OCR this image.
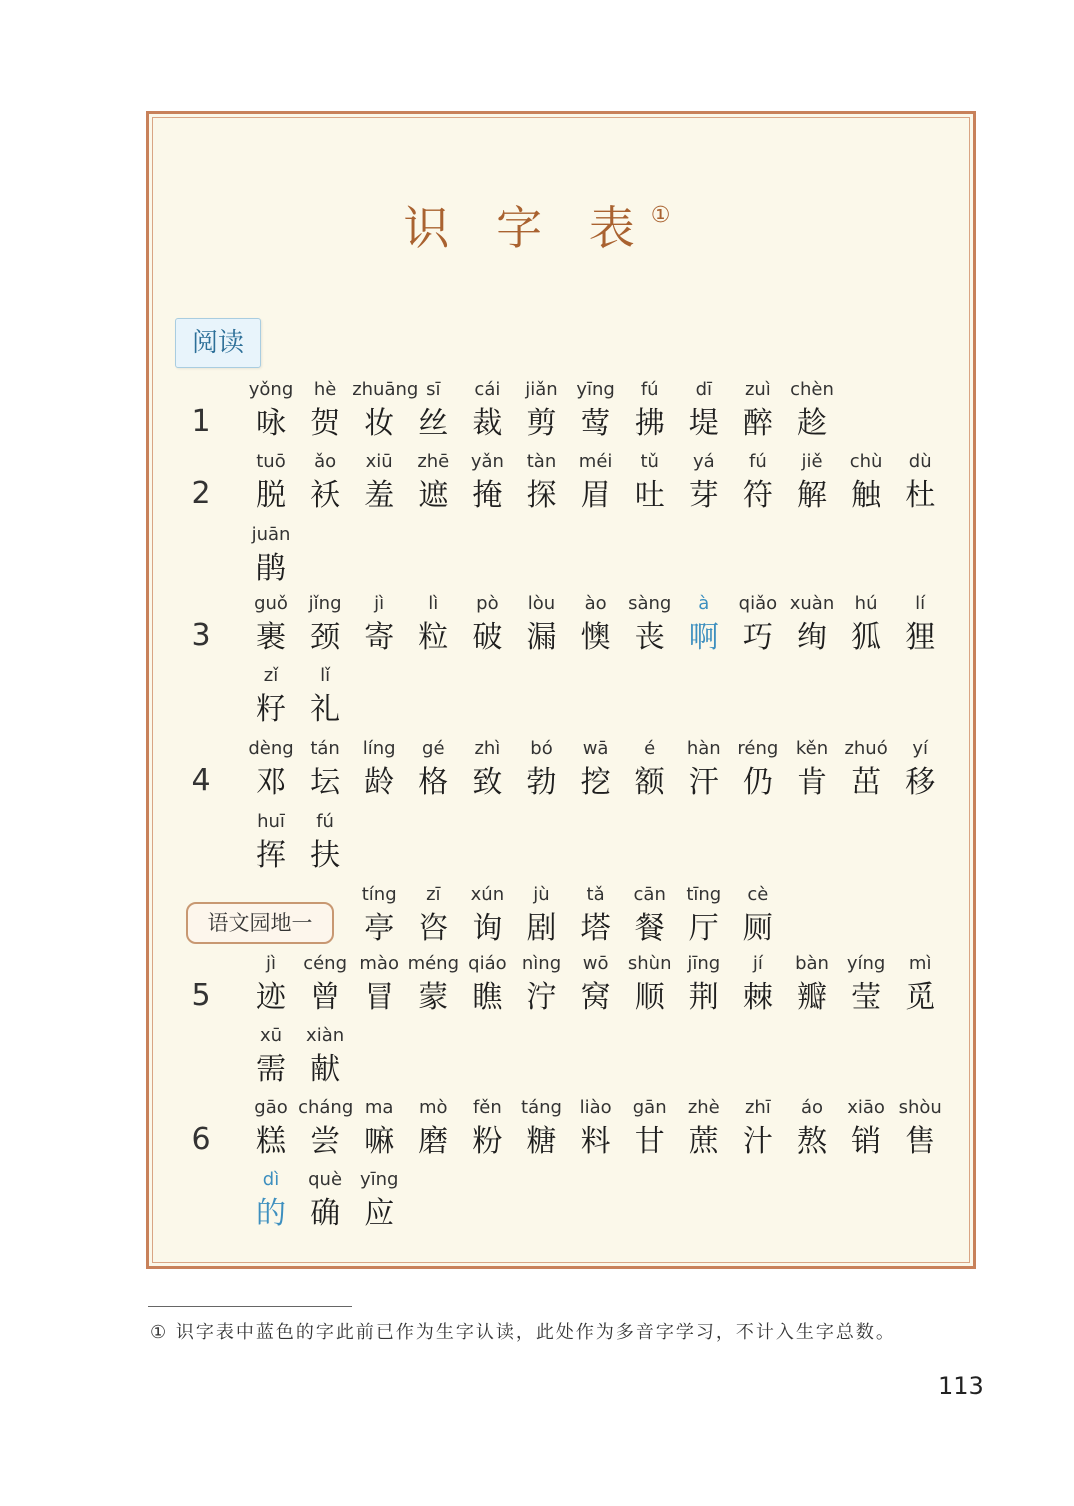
识 字 表①
阅读
语文园地一
1
yǒng
咏
hè
贺
zhuāng
妆
sī
丝
cái
裁
jiǎn
剪
yīng
莺
fú
拂
dī
堤
zuì
醉
chèn
趁
2
tuō
脱
ǎo
袄
xiū
羞
zhē
遮
yǎn
掩
tàn
探
méi
眉
tǔ
吐
yá
芽
fú
符
jiě
解
chù
触
dù
杜
juān
鹃
3
guǒ
裹
jǐng
颈
jì
寄
lì
粒
pò
破
lòu
漏
ào
懊
sàng
丧
à
啊
qiǎo
巧
xuàn
绚
hú
狐
lí
狸
zǐ
籽
lǐ
礼
4
dèng
邓
tán
坛
líng
龄
gé
格
zhì
致
bó
勃
wā
挖
é
额
hàn
汗
réng
仍
kěn
肯
zhuó
茁
yí
移
huī
挥
fú
扶
tíng
亭
zī
咨
xún
询
jù
剧
tǎ
塔
cān
餐
tīng
厅
cè
厕
5
jì
迹
céng
曾
mào
冒
méng
蒙
qiáo
瞧
nìng
泞
wō
窝
shùn
顺
jīng
荆
jí
棘
bàn
瓣
yíng
莹
mì
觅
xū
需
xiàn
献
6
gāo
糕
cháng
尝
ma
嘛
mò
磨
fěn
粉
táng
糖
liào
料
gān
甘
zhè
蔗
zhī
汁
áo
熬
xiāo
销
shòu
售
dì
的
què
确
yīng
应
① 识字表中蓝色的字此前已作为生字认读，此处作为多音字学习，不计入生字总数。
113
